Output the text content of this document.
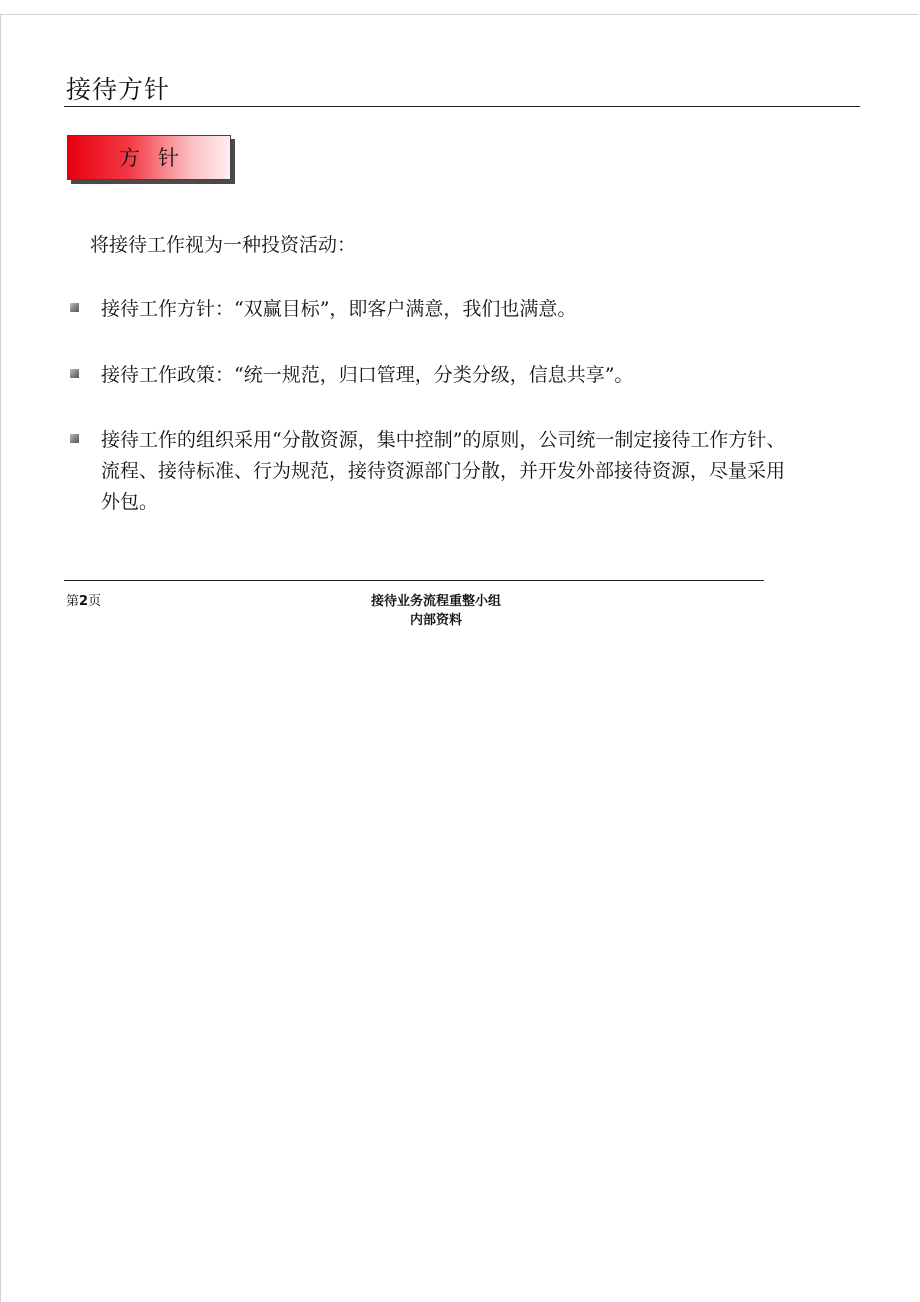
接待方针
方针
将接待工作视为一种投资活动：
接待工作方针：“双赢目标”，即客户满意，我们也满意。
接待工作政策：“统一规范，归口管理，分类分级，信息共享”。
接待工作的组织采用“分散资源，集中控制”的原则，公司统一制定接待工作方针、流程、接待标准、行为规范，接待资源部门分散，并开发外部接待资源，尽量采用外包。
第2页	接待业务流程重整小组
内部资料
